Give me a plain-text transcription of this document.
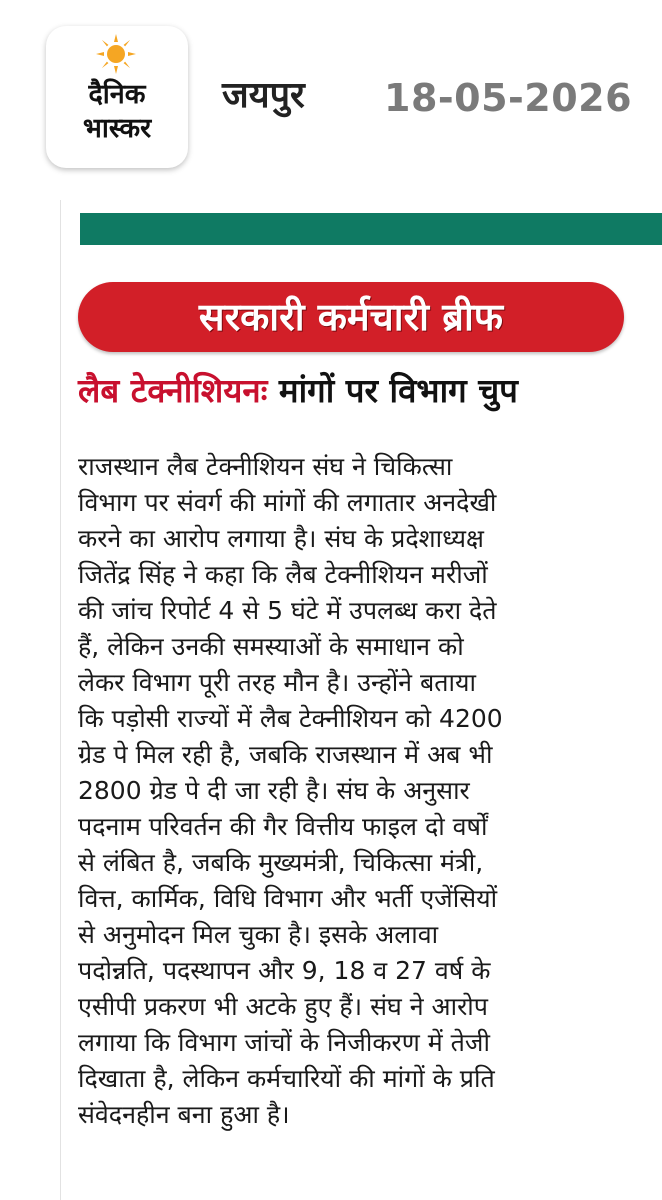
दैनिक
भास्कर
जयपुर 18-05-2026
सरकारी कर्मचारी ब्रीफ
लैब टेक्नीशियनः मांगों पर विभाग चुप
राजस्थान लैब टेक्नीशियन संघ ने चिकित्सा
विभाग पर संवर्ग की मांगों की लगातार अनदेखी
करने का आरोप लगाया है। संघ के प्रदेशाध्यक्ष
जितेंद्र सिंह ने कहा कि लैब टेक्नीशियन मरीजों
की जांच रिपोर्ट 4 से 5 घंटे में उपलब्ध करा देते
हैं, लेकिन उनकी समस्याओं के समाधान को
लेकर विभाग पूरी तरह मौन है। उन्होंने बताया
कि पड़ोसी राज्यों में लैब टेक्नीशियन को 4200
ग्रेड पे मिल रही है, जबकि राजस्थान में अब भी
2800 ग्रेड पे दी जा रही है। संघ के अनुसार
पदनाम परिवर्तन की गैर वित्तीय फाइल दो वर्षों
से लंबित है, जबकि मुख्यमंत्री, चिकित्सा मंत्री,
वित्त, कार्मिक, विधि विभाग और भर्ती एजेंसियों
से अनुमोदन मिल चुका है। इसके अलावा
पदोन्नति, पदस्थापन और 9, 18 व 27 वर्ष के
एसीपी प्रकरण भी अटके हुए हैं। संघ ने आरोप
लगाया कि विभाग जांचों के निजीकरण में तेजी
दिखाता है, लेकिन कर्मचारियों की मांगों के प्रति
संवेदनहीन बना हुआ है।
